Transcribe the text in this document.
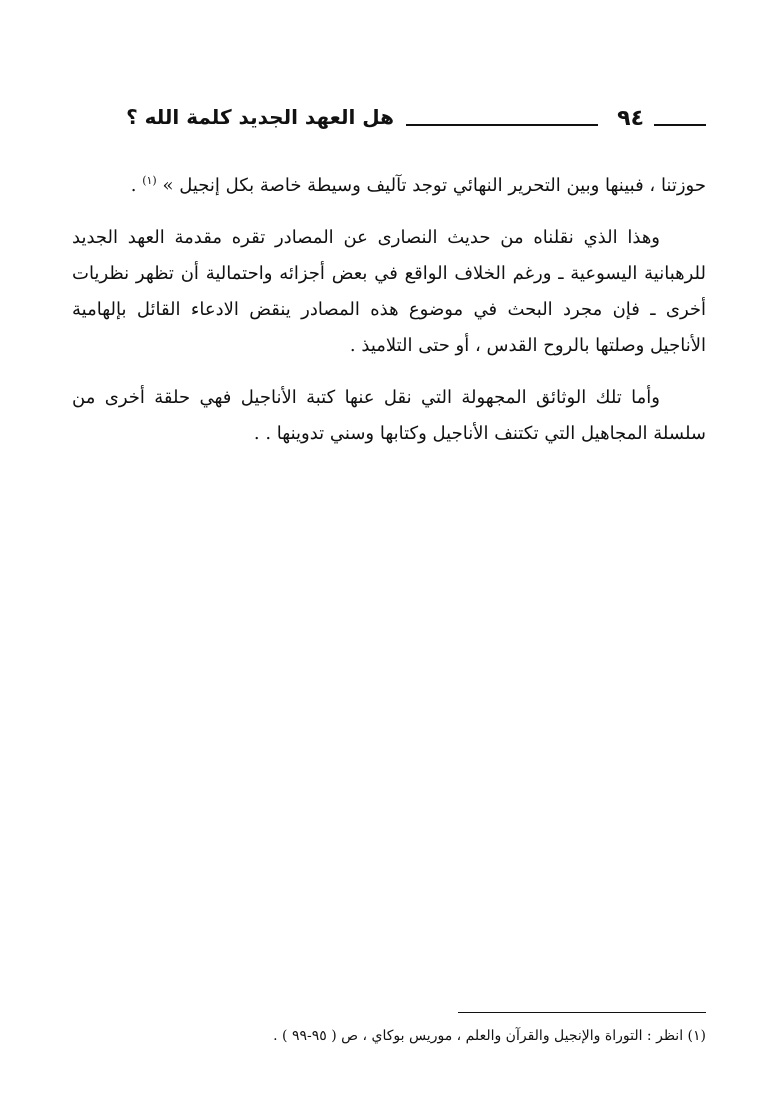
٩٤
هل العهد الجديد كلمة الله ؟

حوزتنا ، فبينها وبين التحرير النهائي توجد تآليف وسيطة خاصة بكل إنجيل » $^{(١)}$ .

وهذا الذي نقلناه من حديث النصارى عن المصادر تقره مقدمة العهد الجديد للرهبانية اليسوعية ـ ورغم الخلاف الواقع في بعض أجزائه واحتمالية أن تظهر نظريات أخرى ـ فإن مجرد البحث في موضوع هذه المصادر ينقض الادعاء القائل بإلهامية الأناجيل وصلتها بالروح القدس ، أو حتى التلاميذ .

وأما تلك الوثائق المجهولة التي نقل عنها كتبة الأناجيل فهي حلقة أخرى من سلسلة المجاهيل التي تكتنف الأناجيل وكتابها وسني تدوينها . .

(١) انظر : التوراة والإنجيل والقرآن والعلم ، موريس بوكاي ، ص ( ٩٥-٩٩ ) .
